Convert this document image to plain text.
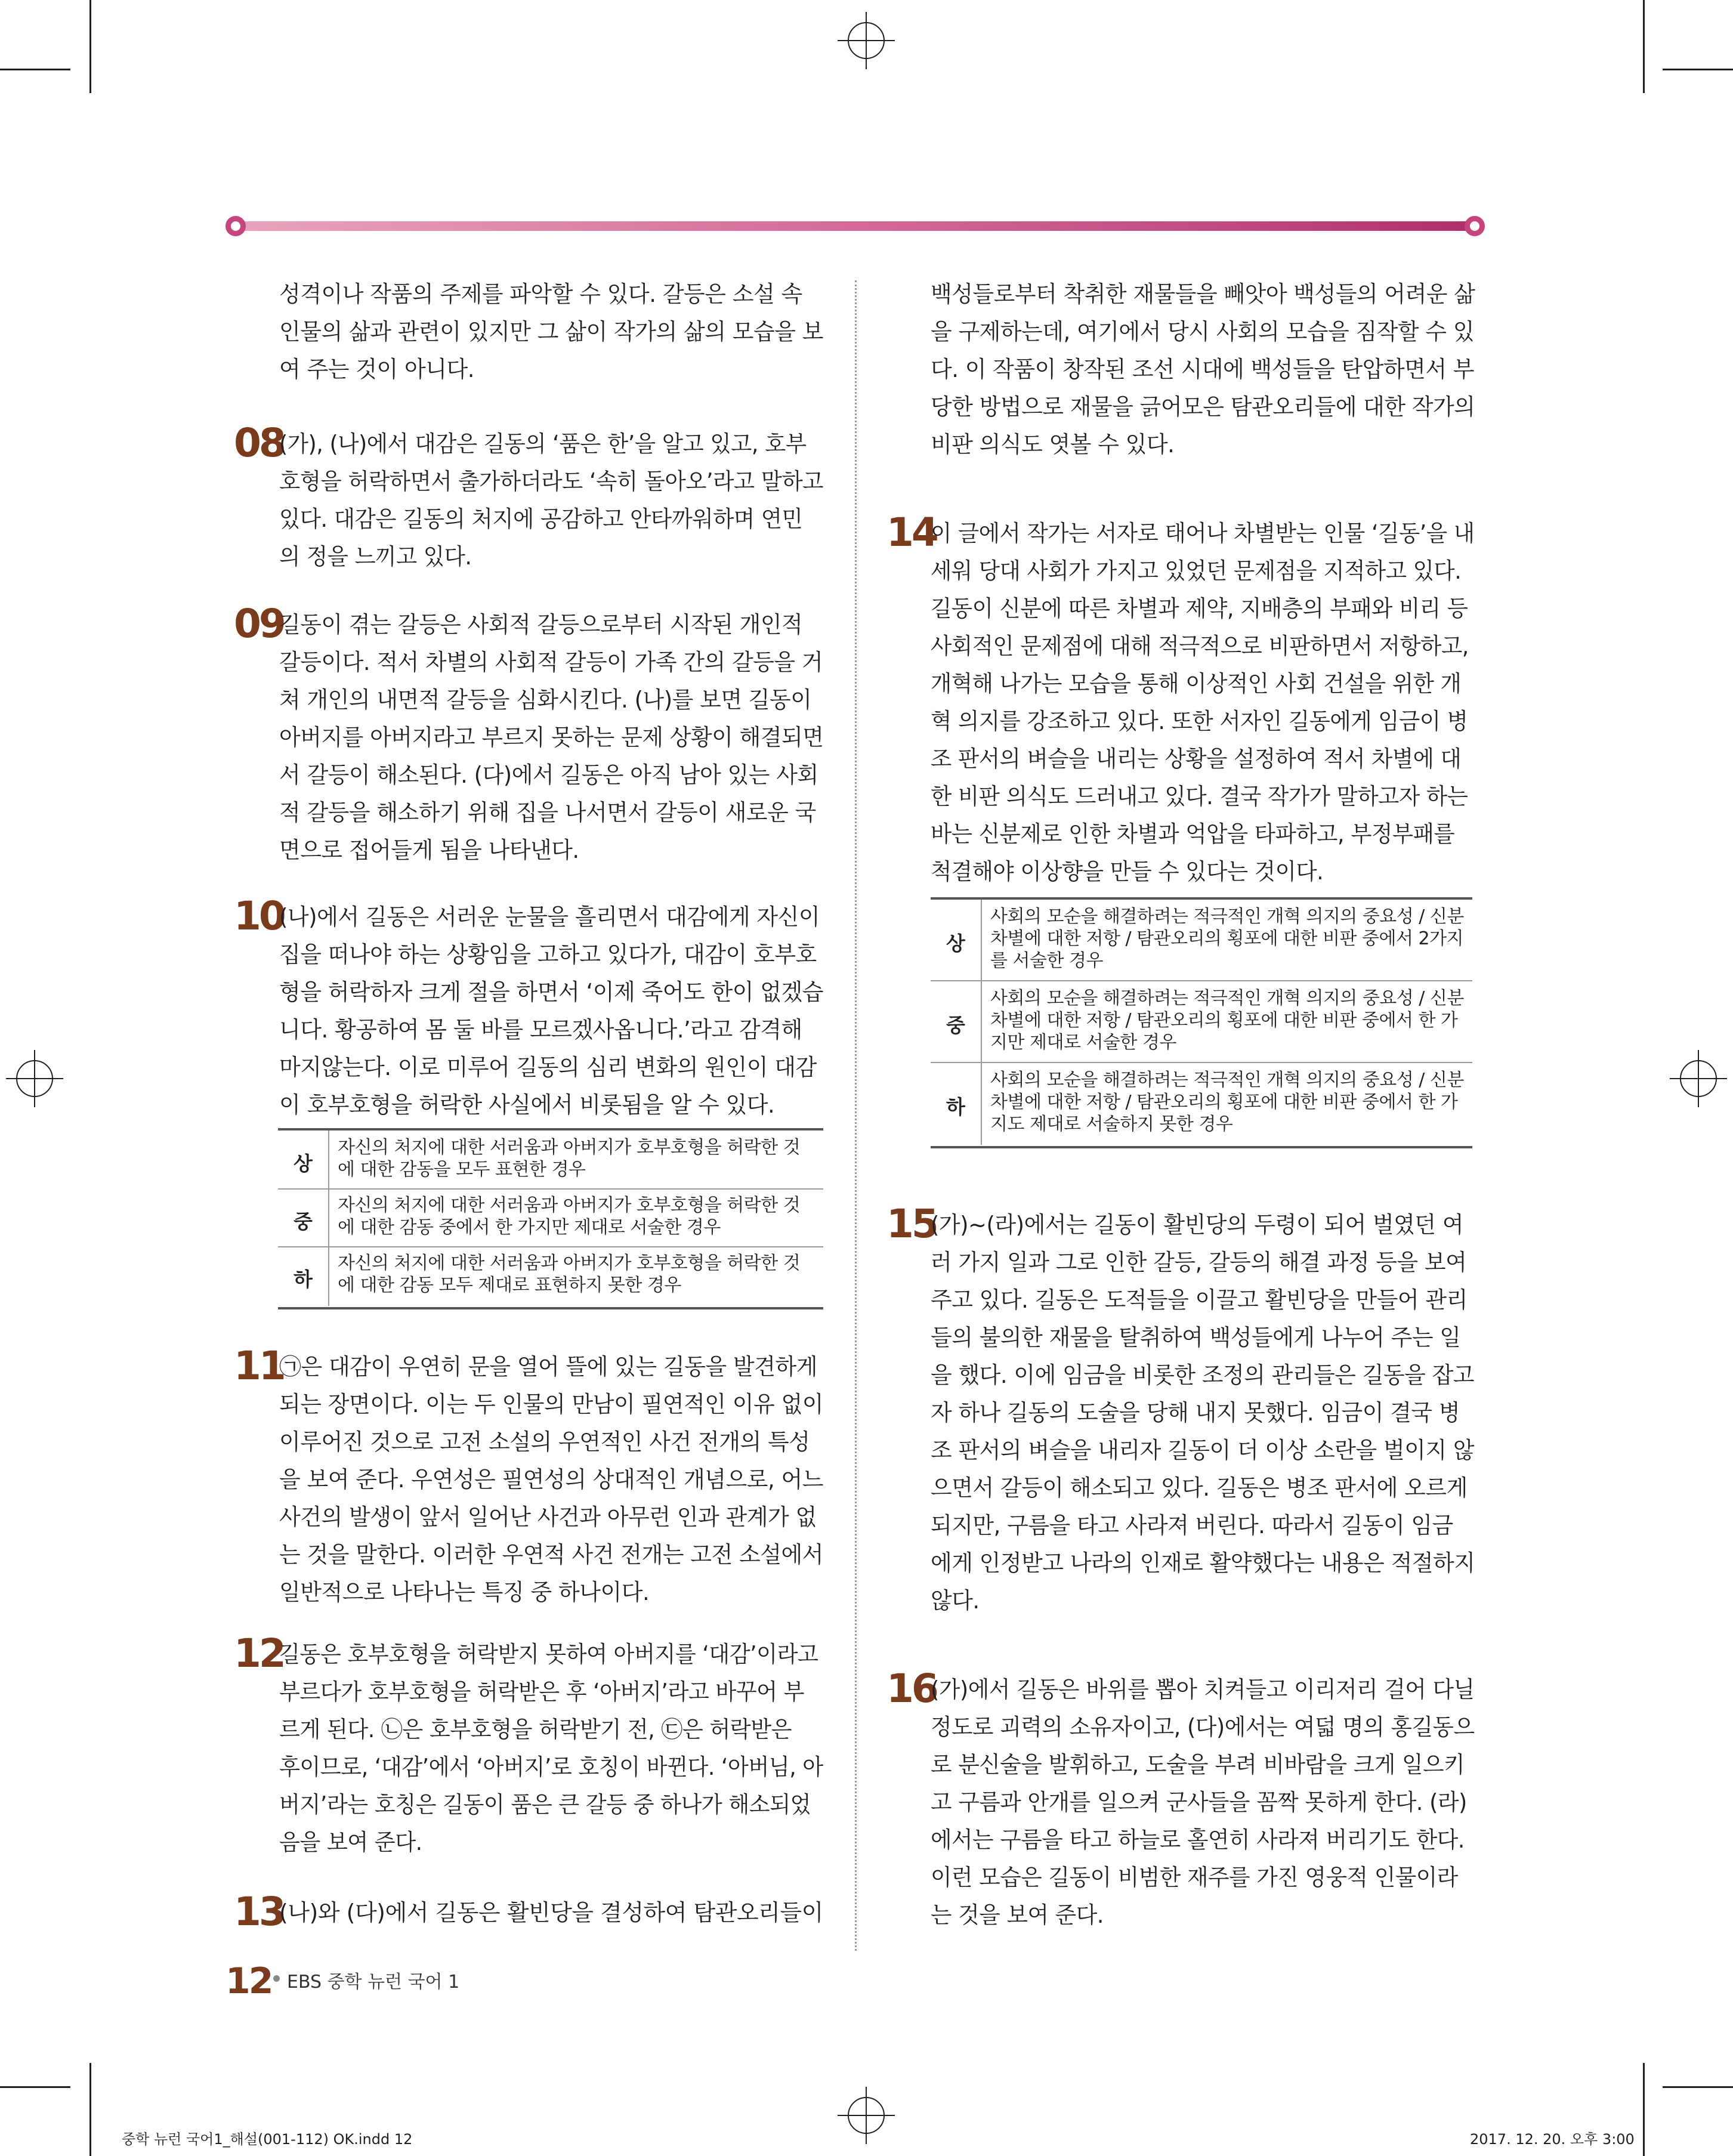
성격이나 작품의 주제를 파악할 수 있다. 갈등은 소설 속
인물의 삶과 관련이 있지만 그 삶이 작가의 삶의 모습을 보
여 주는 것이 아니다.
08
(가), (나)에서 대감은 길동의 ‘품은 한’을 알고 있고, 호부
호형을 허락하면서 출가하더라도 ‘속히 돌아오’라고 말하고
있다. 대감은 길동의 처지에 공감하고 안타까워하며 연민
의 정을 느끼고 있다.
09
길동이 겪는 갈등은 사회적 갈등으로부터 시작된 개인적
갈등이다. 적서 차별의 사회적 갈등이 가족 간의 갈등을 거
쳐 개인의 내면적 갈등을 심화시킨다. (나)를 보면 길동이
아버지를 아버지라고 부르지 못하는 문제 상황이 해결되면
서 갈등이 해소된다. (다)에서 길동은 아직 남아 있는 사회
적 갈등을 해소하기 위해 집을 나서면서 갈등이 새로운 국
면으로 접어들게 됨을 나타낸다.
10
(나)에서 길동은 서러운 눈물을 흘리면서 대감에게 자신이
집을 떠나야 하는 상황임을 고하고 있다가, 대감이 호부호
형을 허락하자 크게 절을 하면서 ‘이제 죽어도 한이 없겠습
니다. 황공하여 몸 둘 바를 모르겠사옵니다.’라고 감격해
마지않는다. 이로 미루어 길동의 심리 변화의 원인이 대감
이 호부호형을 허락한 사실에서 비롯됨을 알 수 있다.
상
자신의 처지에 대한 서러움과 아버지가 호부호형을 허락한 것
에 대한 감동을 모두 표현한 경우
중
자신의 처지에 대한 서러움과 아버지가 호부호형을 허락한 것
에 대한 감동 중에서 한 가지만 제대로 서술한 경우
하
자신의 처지에 대한 서러움과 아버지가 호부호형을 허락한 것
에 대한 감동 모두 제대로 표현하지 못한 경우
11
㉠은 대감이 우연히 문을 열어 뜰에 있는 길동을 발견하게
되는 장면이다. 이는 두 인물의 만남이 필연적인 이유 없이
이루어진 것으로 고전 소설의 우연적인 사건 전개의 특성
을 보여 준다. 우연성은 필연성의 상대적인 개념으로, 어느
사건의 발생이 앞서 일어난 사건과 아무런 인과 관계가 없
는 것을 말한다. 이러한 우연적 사건 전개는 고전 소설에서
일반적으로 나타나는 특징 중 하나이다.
12
길동은 호부호형을 허락받지 못하여 아버지를 ‘대감’이라고
부르다가 호부호형을 허락받은 후 ‘아버지’라고 바꾸어 부
르게 된다. ㉡은 호부호형을 허락받기 전, ㉢은 허락받은
후이므로, ‘대감’에서 ‘아버지’로 호칭이 바뀐다. ‘아버님, 아
버지’라는 호칭은 길동이 품은 큰 갈등 중 하나가 해소되었
음을 보여 준다.
13
(나)와 (다)에서 길동은 활빈당을 결성하여 탐관오리들이
백성들로부터 착취한 재물들을 빼앗아 백성들의 어려운 삶
을 구제하는데, 여기에서 당시 사회의 모습을 짐작할 수 있
다. 이 작품이 창작된 조선 시대에 백성들을 탄압하면서 부
당한 방법으로 재물을 긁어모은 탐관오리들에 대한 작가의
비판 의식도 엿볼 수 있다.
14
이 글에서 작가는 서자로 태어나 차별받는 인물 ‘길동’을 내
세워 당대 사회가 가지고 있었던 문제점을 지적하고 있다.
길동이 신분에 따른 차별과 제약, 지배층의 부패와 비리 등
사회적인 문제점에 대해 적극적으로 비판하면서 저항하고,
개혁해 나가는 모습을 통해 이상적인 사회 건설을 위한 개
혁 의지를 강조하고 있다. 또한 서자인 길동에게 임금이 병
조 판서의 벼슬을 내리는 상황을 설정하여 적서 차별에 대
한 비판 의식도 드러내고 있다. 결국 작가가 말하고자 하는
바는 신분제로 인한 차별과 억압을 타파하고, 부정부패를
척결해야 이상향을 만들 수 있다는 것이다.
상
사회의 모순을 해결하려는 적극적인 개혁 의지의 중요성 / 신분
차별에 대한 저항 / 탐관오리의 횡포에 대한 비판 중에서 2가지
를 서술한 경우
중
사회의 모순을 해결하려는 적극적인 개혁 의지의 중요성 / 신분
차별에 대한 저항 / 탐관오리의 횡포에 대한 비판 중에서 한 가
지만 제대로 서술한 경우
하
사회의 모순을 해결하려는 적극적인 개혁 의지의 중요성 / 신분
차별에 대한 저항 / 탐관오리의 횡포에 대한 비판 중에서 한 가
지도 제대로 서술하지 못한 경우
15
(가)~(라)에서는 길동이 활빈당의 두령이 되어 벌였던 여
러 가지 일과 그로 인한 갈등, 갈등의 해결 과정 등을 보여
주고 있다. 길동은 도적들을 이끌고 활빈당을 만들어 관리
들의 불의한 재물을 탈취하여 백성들에게 나누어 주는 일
을 했다. 이에 임금을 비롯한 조정의 관리들은 길동을 잡고
자 하나 길동의 도술을 당해 내지 못했다. 임금이 결국 병
조 판서의 벼슬을 내리자 길동이 더 이상 소란을 벌이지 않
으면서 갈등이 해소되고 있다. 길동은 병조 판서에 오르게
되지만, 구름을 타고 사라져 버린다. 따라서 길동이 임금
에게 인정받고 나라의 인재로 활약했다는 내용은 적절하지
않다.
16
(가)에서 길동은 바위를 뽑아 치켜들고 이리저리 걸어 다닐
정도로 괴력의 소유자이고, (다)에서는 여덟 명의 홍길동으
로 분신술을 발휘하고, 도술을 부려 비바람을 크게 일으키
고 구름과 안개를 일으켜 군사들을 꼼짝 못하게 한다. (라)
에서는 구름을 타고 하늘로 홀연히 사라져 버리기도 한다.
이런 모습은 길동이 비범한 재주를 가진 영웅적 인물이라
는 것을 보여 준다.
12 EBS 중학 뉴런 국어 1
중학 뉴런 국어1_해설(001-112) OK.indd 12	2017. 12. 20. 오후 3:00
